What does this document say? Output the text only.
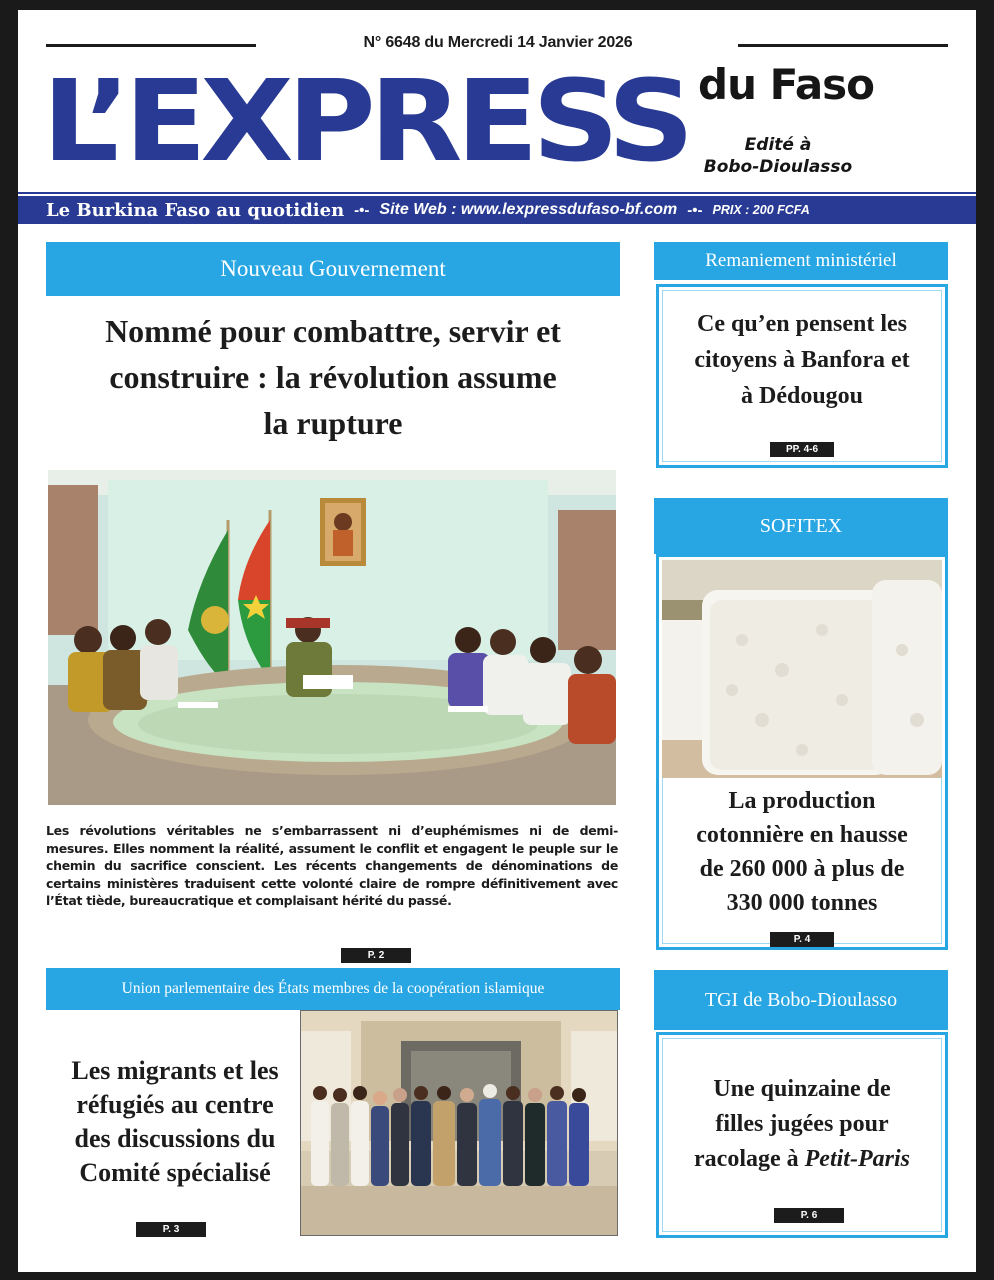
N° 6648 du Mercredi 14 Janvier 2026
L’EXPRESS du Faso
Edité à
Bobo-Dioulasso
Le Burkina Faso au quotidien -•- Site Web : www.lexpressdufaso-bf.com -•- PRIX : 200 FCFA
Nouveau Gouvernement
Nommé pour combattre, servir et
construire : la révolution assume
la rupture
Les révolutions véritables ne s’embarrassent ni d’euphémismes ni de demi-mesures. Elles nomment la réalité, assument le conflit et engagent le peuple sur le chemin du sacrifice conscient. Les récents changements de dénominations de certains ministères traduisent cette volonté claire de rompre définitivement avec l’État tiède, bureaucratique et complaisant hérité du passé.
P. 2
Union parlementaire des États membres de la coopération islamique
Les migrants et les
réfugiés au centre
des discussions du
Comité spécialisé
P. 3
Remaniement ministériel
Ce qu’en pensent les
citoyens à Banfora et
à Dédougou
PP. 4-6
SOFITEX
La production
cotonnière en hausse
de 260 000 à plus de
330 000 tonnes
P. 4
TGI de Bobo-Dioulasso
Une quinzaine de
filles jugées pour
racolage à Petit-Paris
P. 6
